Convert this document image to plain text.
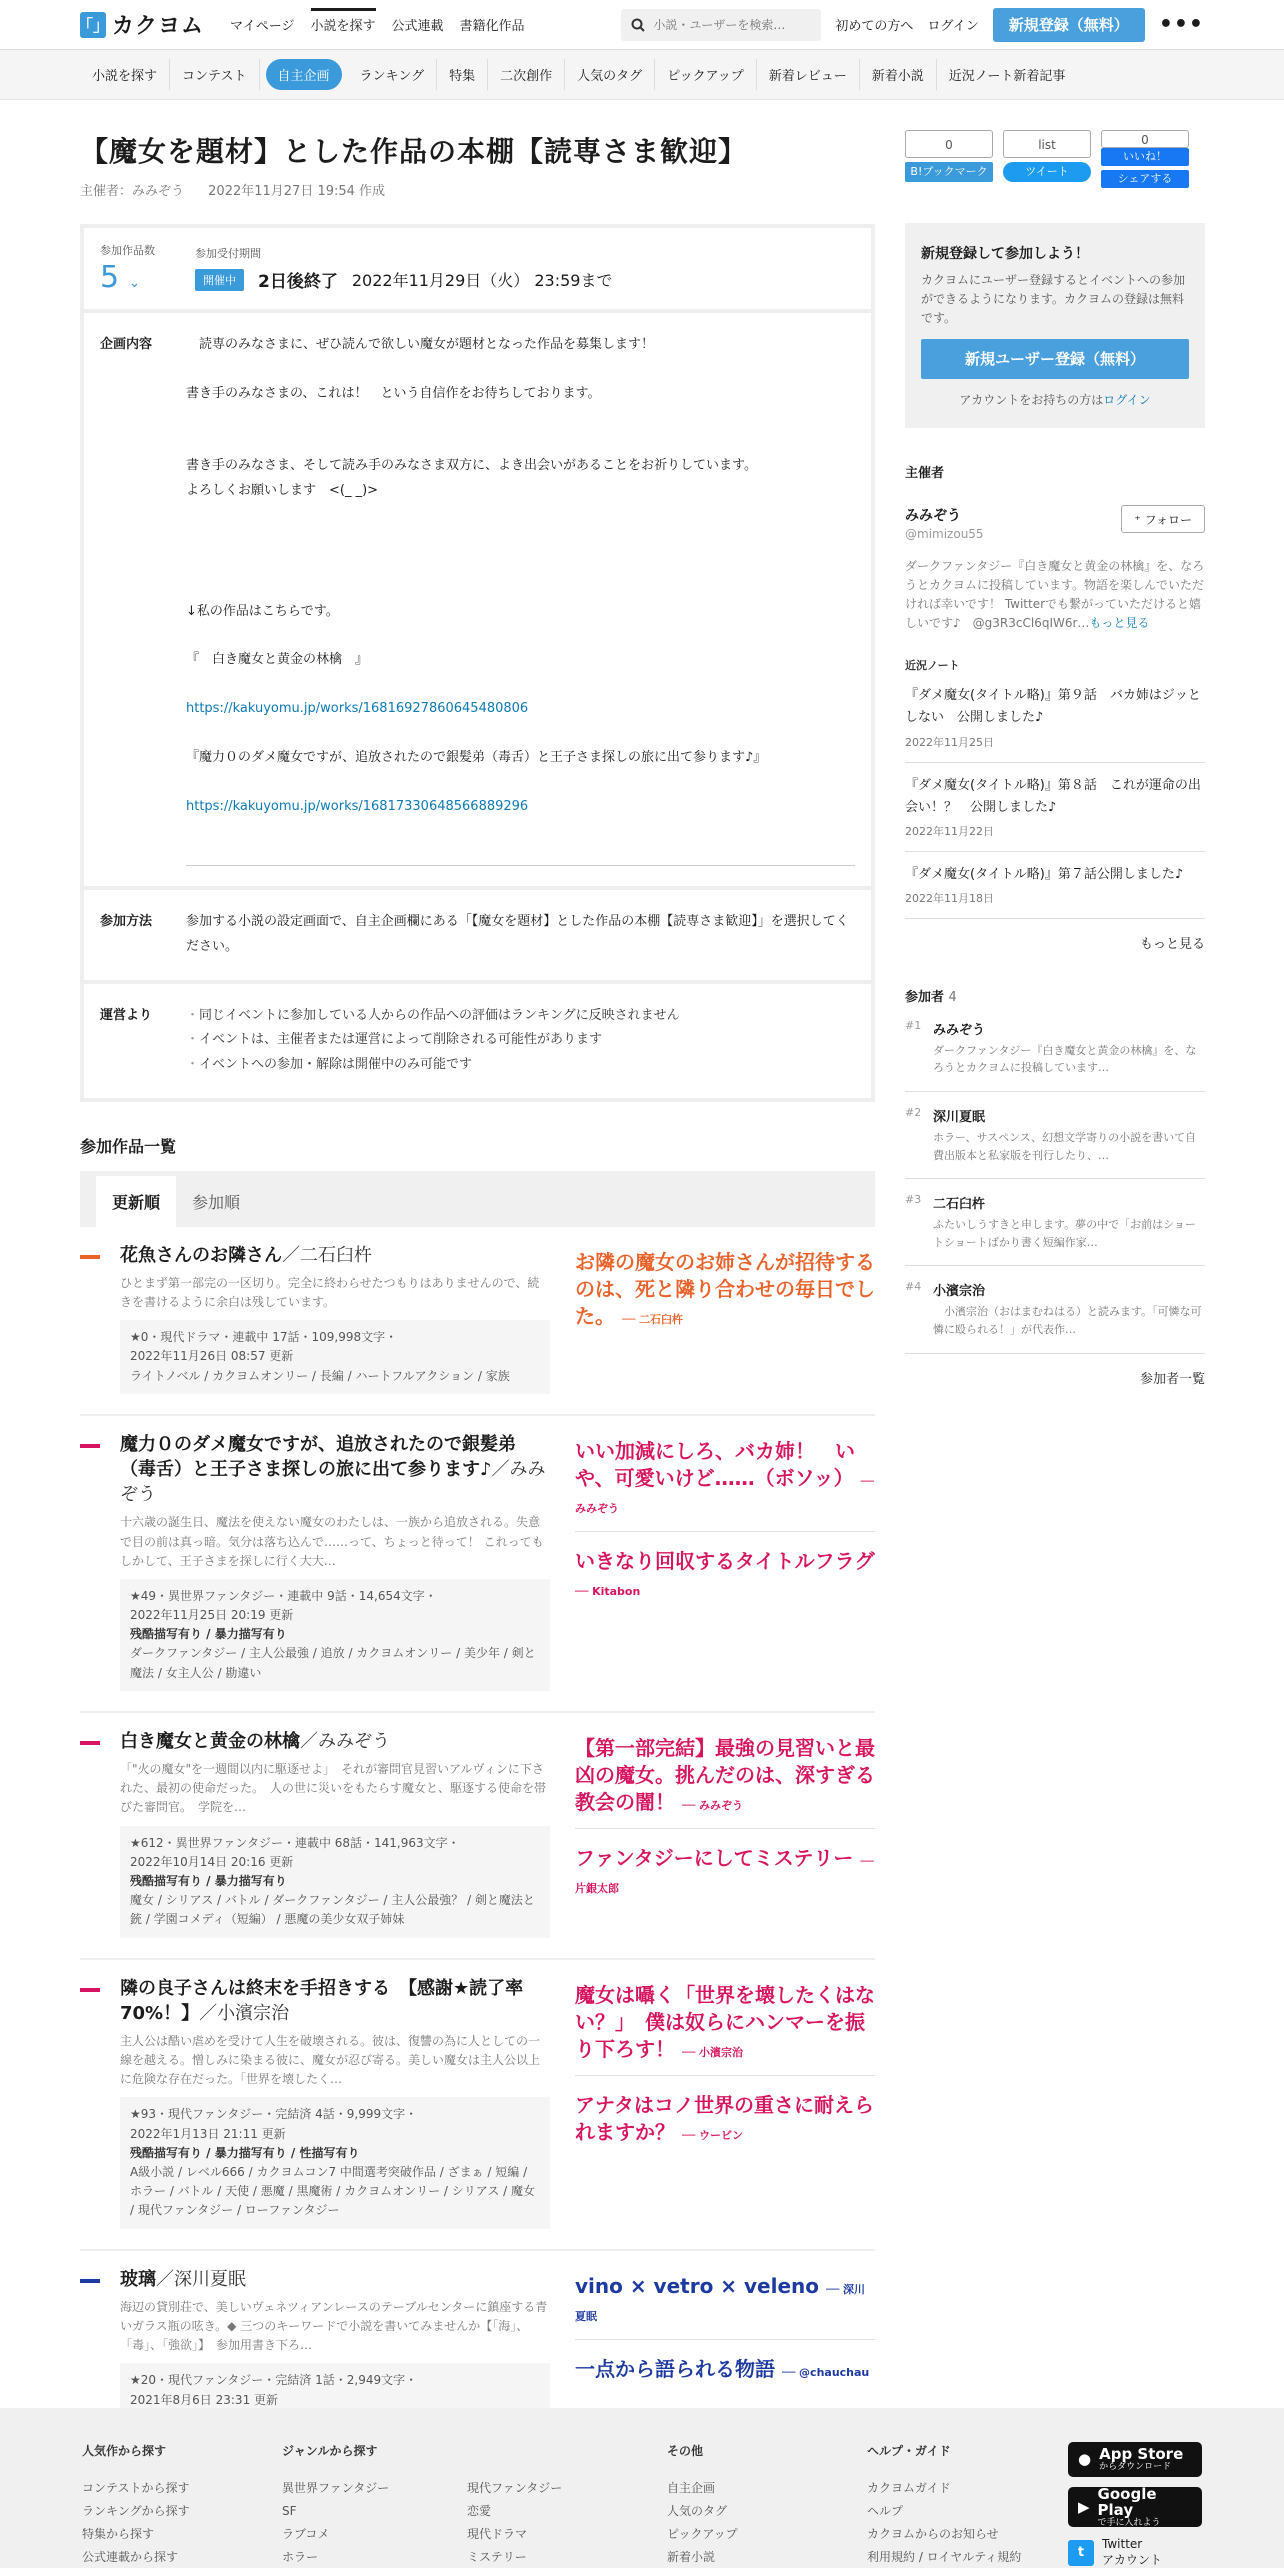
「」 カクヨム マイページ 小説を探す 公式連載 書籍化作品
小説・ユーザーを検索…	初めての方へ ログイン	新規登録（無料）	•••
小説を探す	コンテスト	自主企画	ランキング	特集	二次創作	人気のタグ	ピックアップ	新着レビュー	新着小説	近況ノート新着記事
【魔女を題材】とした作品の本棚【読専さま歓迎】
主催者：みみぞう 2022年11月27日 19:54 作成
参加作品数
5 ⌄
参加受付期間
開催中	2日後終了 2022年11月29日（火） 23:59まで
企画内容	　読専のみなさまに、ぜひ読んで欲しい魔女が題材となった作品を募集します！

書き手のみなさまの、これは！　という自信作をお待ちしております。

書き手のみなさま、そして読み手のみなさま双方に、よき出会いがあることをお祈りしています。

よろしくお願いします　<(_ _)>

↓私の作品はこちらです。

『　白き魔女と黄金の林檎　』

https://kakuyomu.jp/works/16816927860645480806

『魔力０のダメ魔女ですが、追放されたので銀髪弟（毒舌）と王子さま探しの旅に出て参ります♪』

https://kakuyomu.jp/works/16817330648566889296

参加方法	参加する小説の設定画面で、自主企画欄にある「【魔女を題材】とした作品の本棚【読専さま歓迎】」を選択してください。
運営より
・	同じイベントに参加している人からの作品への評価はランキングに反映されません
・ イベントは、主催者または運営によって削除される可能性があります
・ イベントへの参加・解除は開催中のみ可能です
参加作品一覧
更新順	参加順
花魚さんのお隣さん／二石臼杵
ひとまず第一部完の一区切り。完全に終わらせたつもりはありませんので、続きを書けるように余白は残しています。
★0・現代ドラマ・連載中 17話・109,998文字・
2022年11月26日 08:57 更新
ライトノベル / カクヨムオンリー / 長編 / ハートフルアクション / 家族
お隣の魔女のお姉さんが招待するのは、死と隣り合わせの毎日でした。 ── 二石臼杵
魔力０のダメ魔女ですが、追放されたので銀髪弟（毒舌）と王子さま探しの旅に出て参ります♪／みみぞう
十六歳の誕生日、魔法を使えない魔女のわたしは、一族から追放される。失意で目の前は真っ暗。気分は落ち込んで……って、ちょっと待って！ これってもしかして、王子さまを探しに行く大大…
★49・異世界ファンタジー・連載中 9話・14,654文字・
2022年11月25日 20:19 更新
残酷描写有り / 暴力描写有り
ダークファンタジー / 主人公最強 / 追放 / カクヨムオンリー / 美少年 / 剣と魔法 / 女主人公 / 勘違い
いい加減にしろ、バカ姉！　いや、可愛いけど……（ボソッ） ── みみぞう
いきなり回収するタイトルフラグ ── Kitabon
白き魔女と黄金の林檎／みみぞう
「"火の魔女"を一週間以内に駆逐せよ」　それが審問官見習いアルヴィンに下された、最初の使命だった。　人の世に災いをもたらす魔女と、駆逐する使命を帯びた審問官。　学院を…
★612・異世界ファンタジー・連載中 68話・141,963文字・
2022年10月14日 20:16 更新
残酷描写有り / 暴力描写有り
魔女 / シリアス / バトル / ダークファンタジー / 主人公最強？ / 剣と魔法と銃 / 学園コメディ（短編） / 悪魔の美少女双子姉妹
【第一部完結】最強の見習いと最凶の魔女。挑んだのは、深すぎる教会の闇！ ── みみぞう
ファンタジーにしてミステリー ── 片銀太郎
隣の良子さんは終末を手招きする　【感謝★読了率70%！】／小濱宗治
主人公は酷い虐めを受けて人生を破壊される。彼は、復讐の為に人としての一線を越える。憎しみに染まる彼に、魔女が忍び寄る。美しい魔女は主人公以上に危険な存在だった。「世界を壊したく…
★93・現代ファンタジー・完結済 4話・9,999文字・
2022年1月13日 21:11 更新
残酷描写有り / 暴力描写有り / 性描写有り
A級小説 / レベル666 / カクヨムコン7 中間選考突破作品 / ざまぁ / 短編 / ホラー / バトル / 天使 / 悪魔 / 黒魔術 / カクヨムオンリー / シリアス / 魔女 / 現代ファンタジー / ローファンタジー
魔女は囁く「世界を壊したくはない？」　僕は奴らにハンマーを振り下ろす！ ── 小濱宗治
アナタはコノ世界の重さに耐えられますか？ ── ウービン
玻璃／深川夏眠
海辺の貸別荘で、美しいヴェネツィアンレースのテーブルセンターに鎮座する青いガラス瓶の呟き。◆ 三つのキーワードで小説を書いてみませんか【「海」、「毒」、「強欲」】　参加用書き下ろ…
★20・現代ファンタジー・完結済 1話・2,949文字・
2021年8月6日 23:31 更新
vino × vetro × veleno ── 深川夏眠
一点から語られる物語 ── @chauchau
0
B!ブックマーク
list
ツイート
0
いいね！
シェアする
新規登録して参加しよう！

カクヨムにユーザー登録するとイベントへの参加ができるようになります。カクヨムの登録は無料です。

新規ユーザー登録（無料）
アカウントをお持ちの方はログイン
主催者
みみぞう
@mimizou55
⁺ フォロー
ダークファンタジー『白き魔女と黄金の林檎』を、なろうとカクヨムに投稿しています。物語を楽しんでいただければ幸いです！ Twitterでも繋がっていただけると嬉しいです♪　@g3R3cCl6qIW6r…もっと見る
近況ノート
『ダメ魔女(タイトル略)』第９話　バカ姉はジッとしない　公開しました♪
2022年11月25日
『ダメ魔女(タイトル略)』第８話　これが運命の出会い！？　公開しました♪
2022年11月22日
『ダメ魔女(タイトル略)』第７話公開しました♪
2022年11月18日
もっと見る
参加者 4
#1 みみぞう
ダークファンタジー『白き魔女と黄金の林檎』を、なろうとカクヨムに投稿しています…
#2 深川夏眠
ホラー、サスペンス、幻想文学寄りの小説を書いて自費出版本と私家版を刊行したり、…
#3 二石臼杵
ふたいしうすきと申します。夢の中で「お前はショートショートばかり書く短編作家…
#4 小濱宗治
　小濱宗治（おはまむねはる）と読みます。「可憐な可憐に殴られる！」が代表作…
参加者一覧
人気作から探す

コンテストから探す

ランキングから探す

特集から探す

公式連載から探す

ジャンルから探す

異世界ファンタジー

SF

ラブコメ

ホラー

現代ファンタジー

恋愛

現代ドラマ

ミステリー

その他

自主企画

人気のタグ

ピックアップ

新着小説

ヘルプ・ガイド

カクヨムガイド

ヘルプ

カクヨムからのお知らせ

利用規約 / ロイヤルティ規約

● App Store
からダウンロード
▶
Google Play
で手に入れよう
t
Twitter
アカウント
